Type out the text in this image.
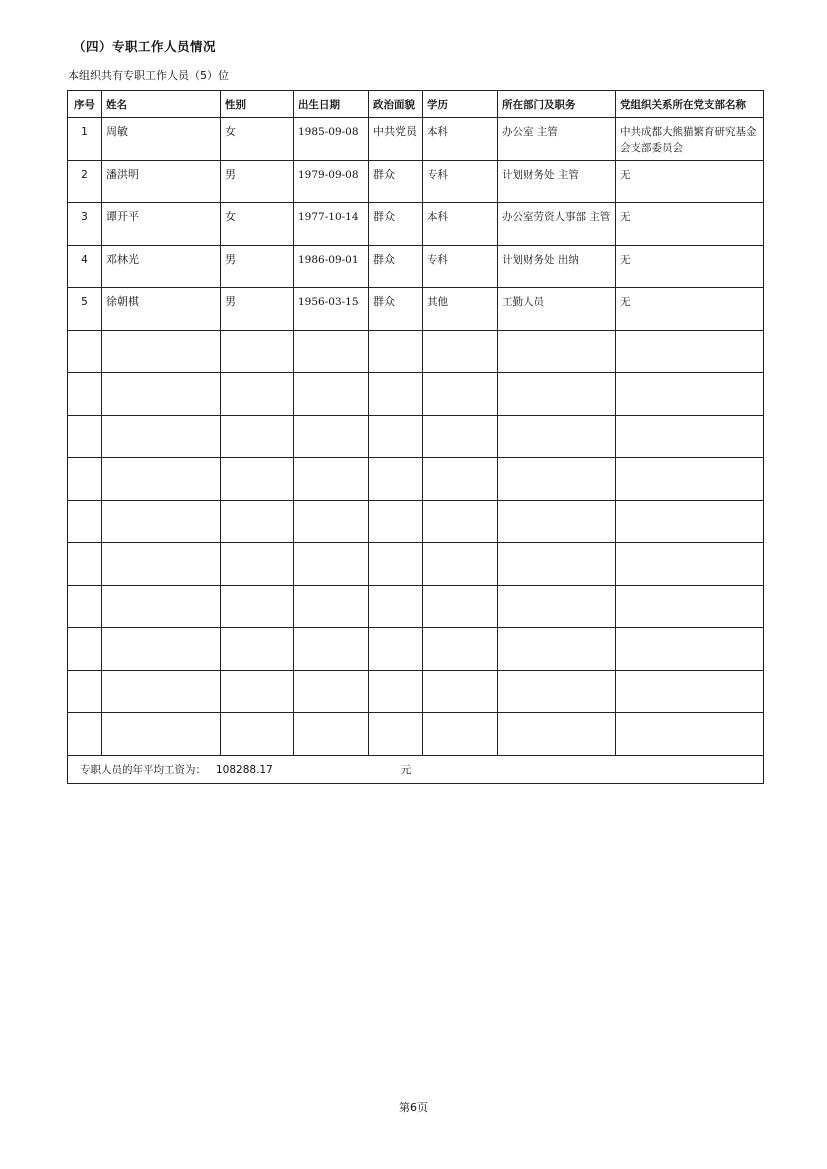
（四）专职工作人员情况
本组织共有专职工作人员（5）位
序号	姓名	性别	出生日期	政治面貌	学历	所在部门及职务	党组织关系所在党支部名称
1	周敏	女	1985-09-08	中共党员	本科	办公室 主管	中共成都大熊猫繁育研究基金会支部委员会
2	潘洪明	男	1979-09-08	群众	专科	计划财务处 主管	无
3	谭开平	女	1977-10-14	群众	本科	办公室劳资人事部 主管	无
4	邓林光	男	1986-09-01	群众	专科	计划财务处 出纳	无
5	徐朝棋	男	1956-03-15	群众	其他	工勤人员	无

专职人员的年平均工资为： 108288.17 元							
第6页
